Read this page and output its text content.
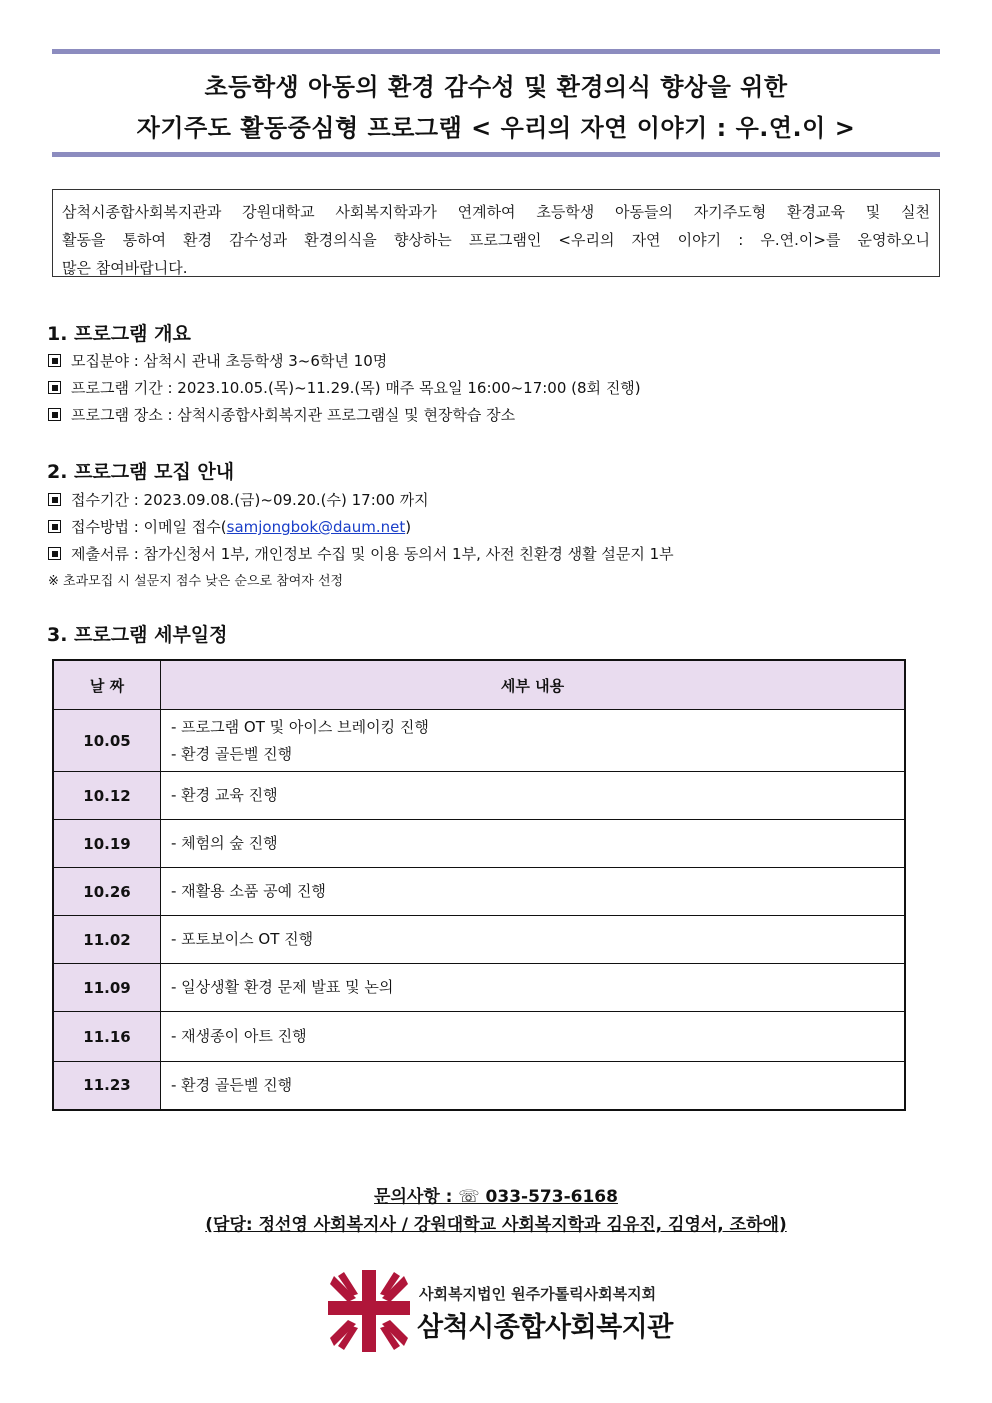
초등학생 아동의 환경 감수성 및 환경의식 향상을 위한
자기주도 활동중심형 프로그램 < 우리의 자연 이야기 : 우.연.이 >
삼척시종합사회복지관과 강원대학교 사회복지학과가 연계하여 초등학생 아동들의 자기주도형 환경교육 및 실천
활동을 통하여 환경 감수성과 환경의식을 향상하는 프로그램인 <우리의 자연 이야기 : 우.연.이>를 운영하오니
많은 참여바랍니다.
1. 프로그램 개요
모집분야 : 삼척시 관내 초등학생 3~6학년 10명
프로그램 기간 : 2023.10.05.(목)~11.29.(목) 매주 목요일 16:00~17:00 (8회 진행)
프로그램 장소 : 삼척시종합사회복지관 프로그램실 및 현장학습 장소
2. 프로그램 모집 안내
접수기간 : 2023.09.08.(금)~09.20.(수) 17:00 까지
접수방법 : 이메일 접수(samjongbok@daum.net)
제출서류 : 참가신청서 1부, 개인정보 수집 및 이용 동의서 1부, 사전 친환경 생활 설문지 1부
※ 초과모집 시 설문지 점수 낮은 순으로 참여자 선정
3. 프로그램 세부일정
날 짜	세부 내용
10.05	- 프로그램 OT 및 아이스 브레이킹 진행
- 환경 골든벨 진행

10.12	- 환경 교육 진행
10.19	- 체험의 숲 진행
10.26	- 재활용 소품 공예 진행
11.02	- 포토보이스 OT 진행
11.09	- 일상생활 환경 문제 발표 및 논의
11.16	- 재생종이 아트 진행
11.23	- 환경 골든벨 진행
문의사항 : ☏ 033-573-6168
(담당: 정선영 사회복지사 / 강원대학교 사회복지학과 김유진, 김영서, 조하애)
사회복지법인 원주가톨릭사회복지회
삼척시종합사회복지관
